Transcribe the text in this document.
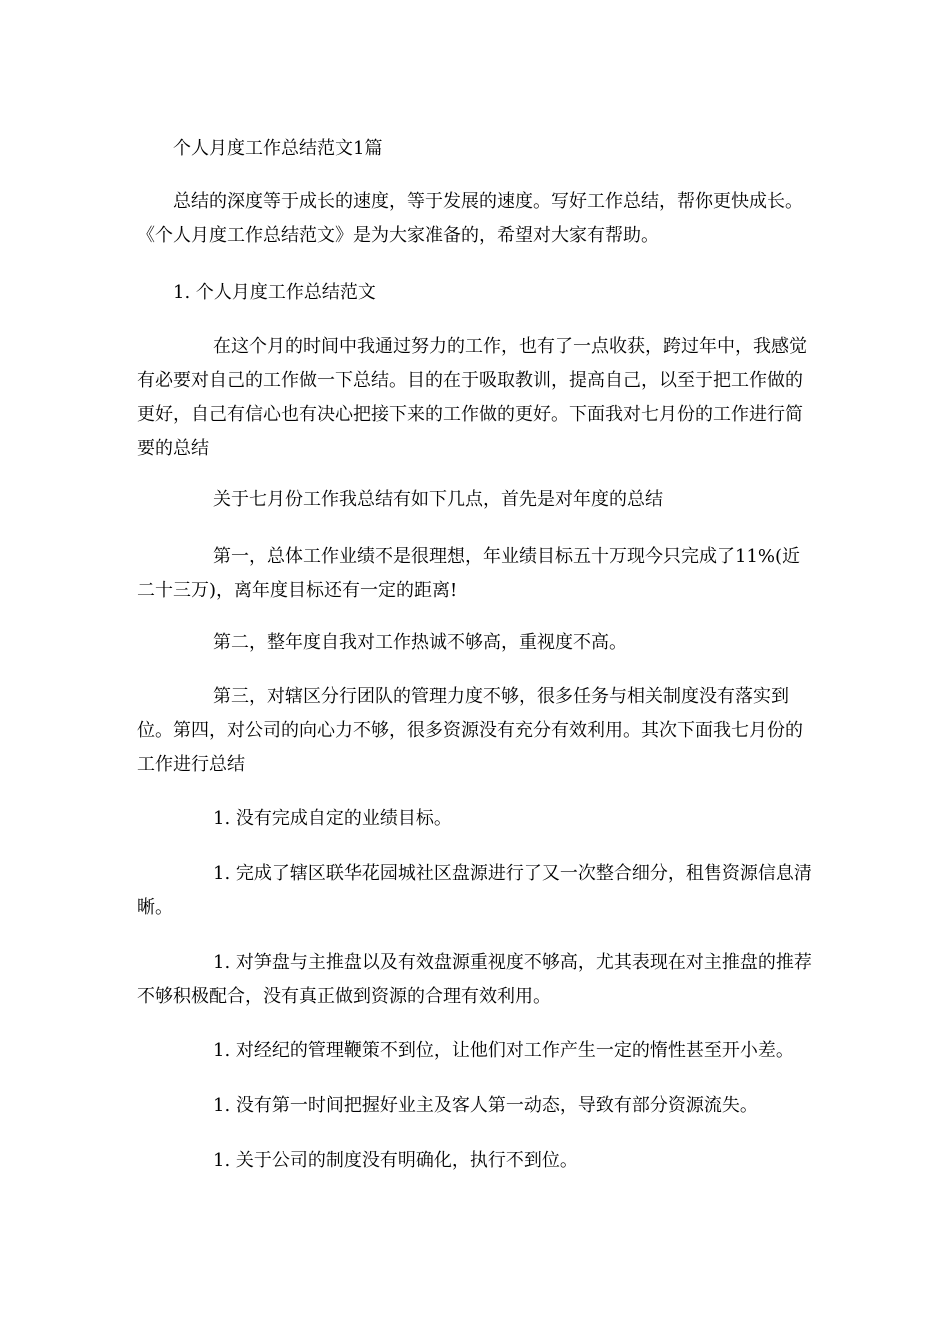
个人月度工作总结范文1篇

总结的深度等于成长的速度，等于发展的速度。写好工作总结，帮你更快成长。《个人月度工作总结范文》是为大家准备的，希望对大家有帮助。

1. 个人月度工作总结范文

在这个月的时间中我通过努力的工作，也有了一点收获，跨过年中，我感觉有必要对自己的工作做一下总结。目的在于吸取教训，提高自己，以至于把工作做的更好，自己有信心也有决心把接下来的工作做的更好。下面我对七月份的工作进行简要的总结

关于七月份工作我总结有如下几点，首先是对年度的总结

第一，总体工作业绩不是很理想，年业绩目标五十万现今只完成了11%(近二十三万)，离年度目标还有一定的距离!

第二，整年度自我对工作热诚不够高，重视度不高。

第三，对辖区分行团队的管理力度不够，很多任务与相关制度没有落实到位。第四，对公司的向心力不够，很多资源没有充分有效利用。其次下面我七月份的工作进行总结

1. 没有完成自定的业绩目标。

1. 完成了辖区联华花园城社区盘源进行了又一次整合细分，租售资源信息清晰。

1. 对笋盘与主推盘以及有效盘源重视度不够高，尤其表现在对主推盘的推荐不够积极配合，没有真正做到资源的合理有效利用。

1. 对经纪的管理鞭策不到位，让他们对工作产生一定的惰性甚至开小差。

1. 没有第一时间把握好业主及客人第一动态，导致有部分资源流失。

1. 关于公司的制度没有明确化，执行不到位。
